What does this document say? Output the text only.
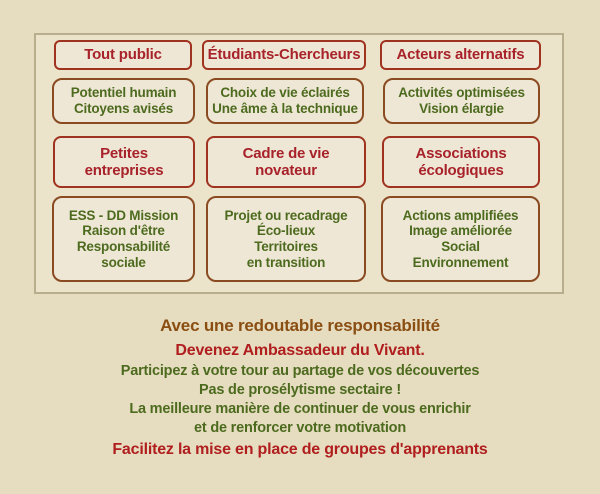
Tout public	Étudiants-Chercheurs Acteurs alternatifs
Potentiel humain
Citoyens avisés
Choix de vie éclairés
Une âme à la technique
Activités optimisées
Vision élargie
Petites
entreprises
Cadre de vie
novateur
Associations
écologiques
ESS - DD Mission
Raison d'être
Responsabilité
sociale
Projet ou recadrage
Éco-lieux
Territoires
en transition
Actions amplifiées
Image améliorée
Social
Environnement
Avec une redoutable responsabilité
Devenez Ambassadeur du Vivant.
Participez à votre tour au partage de vos découvertes
Pas de prosélytisme sectaire !
La meilleure manière de continuer de vous enrichir
et de renforcer votre motivation
Facilitez la mise en place de groupes d'apprenants
